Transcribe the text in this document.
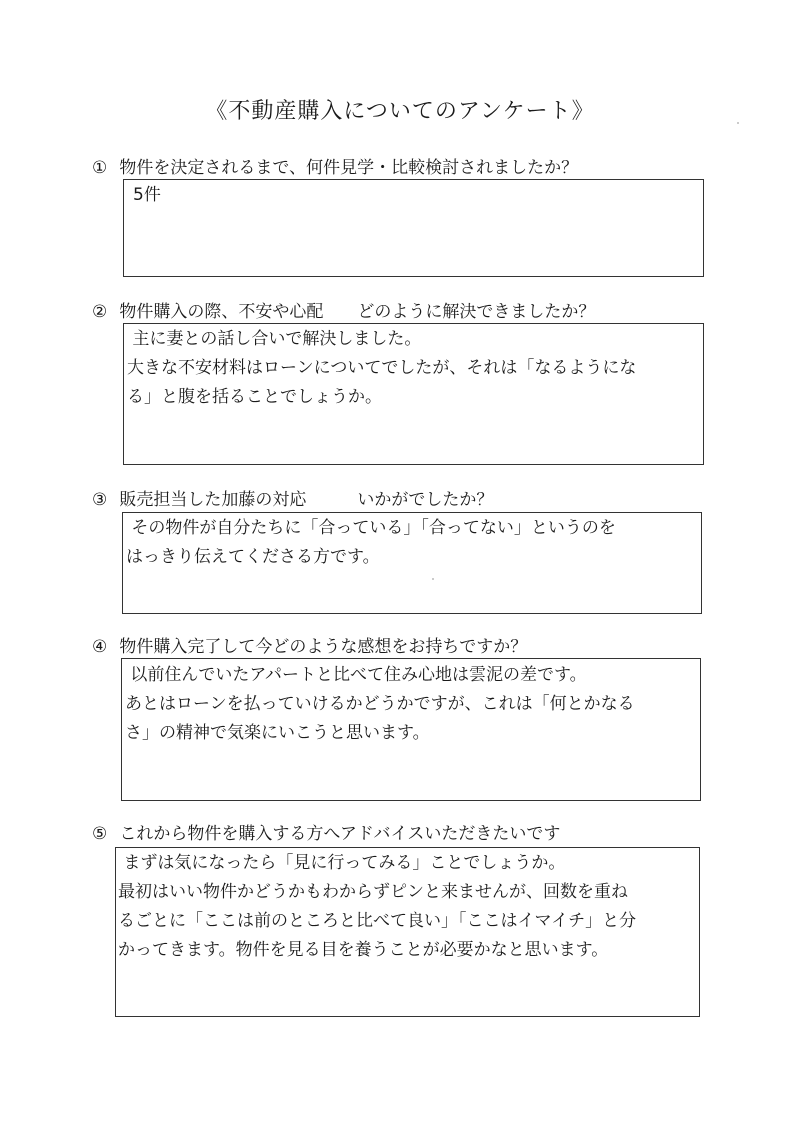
《不動産購入についてのアンケート》
① 物件を決定されるまで、何件見学・比較検討されましたか？
5件
② 物件購入の際、不安や心配　　どのように解決できましたか？
主に妻との話し合いで解決しました。
大きな不安材料はローンについてでしたが、それは「なるようにな
る」と腹を括ることでしょうか。
③ 販売担当した加藤の対応　　　いかがでしたか？
その物件が自分たちに「合っている」「合ってない」というのを
はっきり伝えてくださる方です。
④ 物件購入完了して今どのような感想をお持ちですか？
以前住んでいたアパートと比べて住み心地は雲泥の差です。
あとはローンを払っていけるかどうかですが、これは「何とかなる
さ」の精神で気楽にいこうと思います。
⑤ これから物件を購入する方へアドバイスいただきたいです
まずは気になったら「見に行ってみる」ことでしょうか。
最初はいい物件かどうかもわからずピンと来ませんが、回数を重ね
るごとに「ここは前のところと比べて良い」「ここはイマイチ」と分
かってきます。物件を見る目を養うことが必要かなと思います。
